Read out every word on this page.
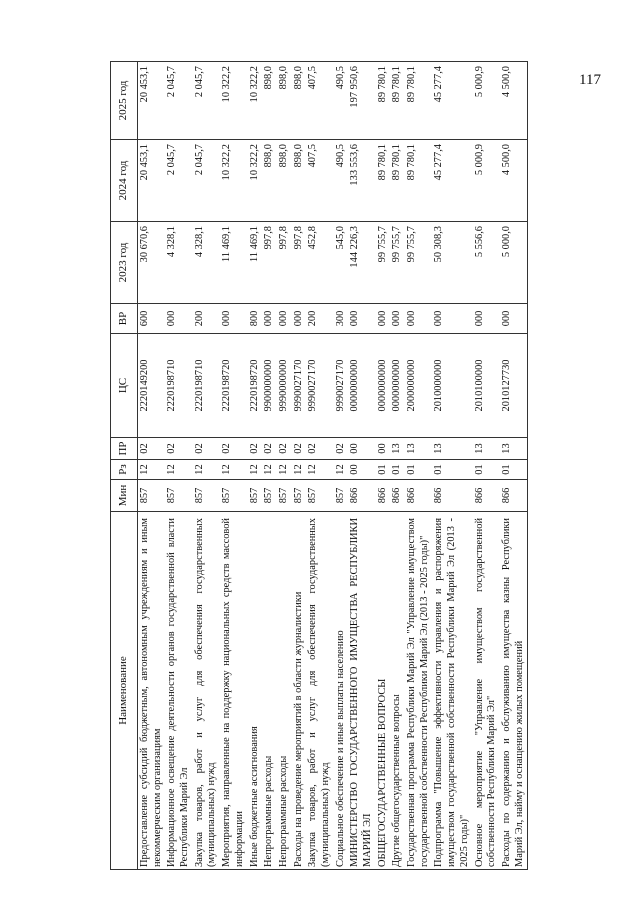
117
Наименование	Мин	Рз	ПР	ЦС	ВР	2023 год	2024 год	2025 год
Предоставление субсидий бюджетным, автономным учреждениям и иным некоммерческим организациям	857	12	02	2220149200	600	30 670,6	20 453,1	20 453,1
Информационное освещение деятельности органов государственной власти Республики Марий Эл	857	12	02	2220198710	000	4 328,1	2 045,7	2 045,7
Закупка товаров, работ и услуг для обеспечения государственных (муниципальных) нужд	857	12	02	2220198710	200	4 328,1	2 045,7	2 045,7
Мероприятия, направленные на поддержку национальных средств массовой информации	857	12	02	2220198720	000	11 469,1	10 322,2	10 322,2
Иные бюджетные ассигнования	857	12	02	2220198720	800	11 469,1	10 322,2	10 322,2
Непрограммные расходы	857	12	02	9900000000	000	997,8	898,0	898,0
Непрограммные расходы	857	12	02	9990000000	000	997,8	898,0	898,0
Расходы на проведение мероприятий в области журналистики	857	12	02	9990027170	000	997,8	898,0	898,0
Закупка товаров, работ и услуг для обеспечения государственных (муниципальных) нужд	857	12	02	9990027170	200	452,8	407,5	407,5
Социальное обеспечение и иные выплаты населению	857	12	02	9990027170	300	545,0	490,5	490,5
МИНИСТЕРСТВО ГОСУДАРСТВЕННОГО ИМУЩЕСТВА РЕСПУБЛИКИ МАРИЙ ЭЛ	866	00	00	0000000000	000	144 226,3	133 553,6	197 950,6
ОБЩЕГОСУДАРСТВЕННЫЕ ВОПРОСЫ	866	01	00	0000000000	000	99 755,7	89 780,1	89 780,1
Другие общегосударственные вопросы	866	01	13	0000000000	000	99 755,7	89 780,1	89 780,1
Государственная программа Республики Марий Эл "Управление имуществом государственной собственности Республики Марий Эл (2013 - 2025 годы)"	866	01	13	2000000000	000	99 755,7	89 780,1	89 780,1
Подпрограмма "Повышение эффективности управления и распоряжения имуществом государственной собственности Республики Марий Эл (2013 - 2025 годы)"	866	01	13	2010000000	000	50 308,3	45 277,4	45 277,4
Основное мероприятие "Управление имуществом государственной собственности Республики Марий Эл"	866	01	13	2010100000	000	5 556,6	5 000,9	5 000,9
Расходы по содержанию и обслуживанию имущества казны Республики Марий Эл, найму и оснащению жилых помещений	866	01	13	2010127730	000	5 000,0	4 500,0	4 500,0
